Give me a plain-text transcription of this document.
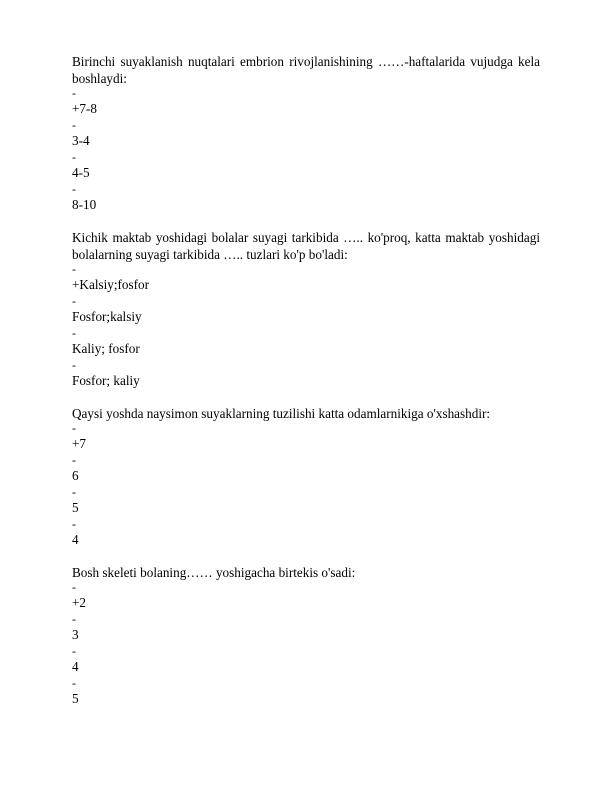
Birinchi suyaklanish nuqtalari embrion rivojlanishining ……-haftalarida vujudga kela boshlaydi:

-
+7-8
-
3-4
-
4-5
-
8-10

Kichik maktab yoshidagi bolalar suyagi tarkibida ….. ko'proq, katta maktab yoshidagi bolalarning suyagi tarkibida ….. tuzlari ko'p bo'ladi:

-
+Kalsiy;fosfor
-
Fosfor;kalsiy
-
Kaliy; fosfor
-
Fosfor; kaliy

Qaysi yoshda naysimon suyaklarning tuzilishi katta odamlarnikiga o'xshashdir:

-
+7
-
6
-
5
-
4

Bosh skeleti bolaning…… yoshigacha birtekis o'sadi:

-
+2
-
3
-
4
-
5
